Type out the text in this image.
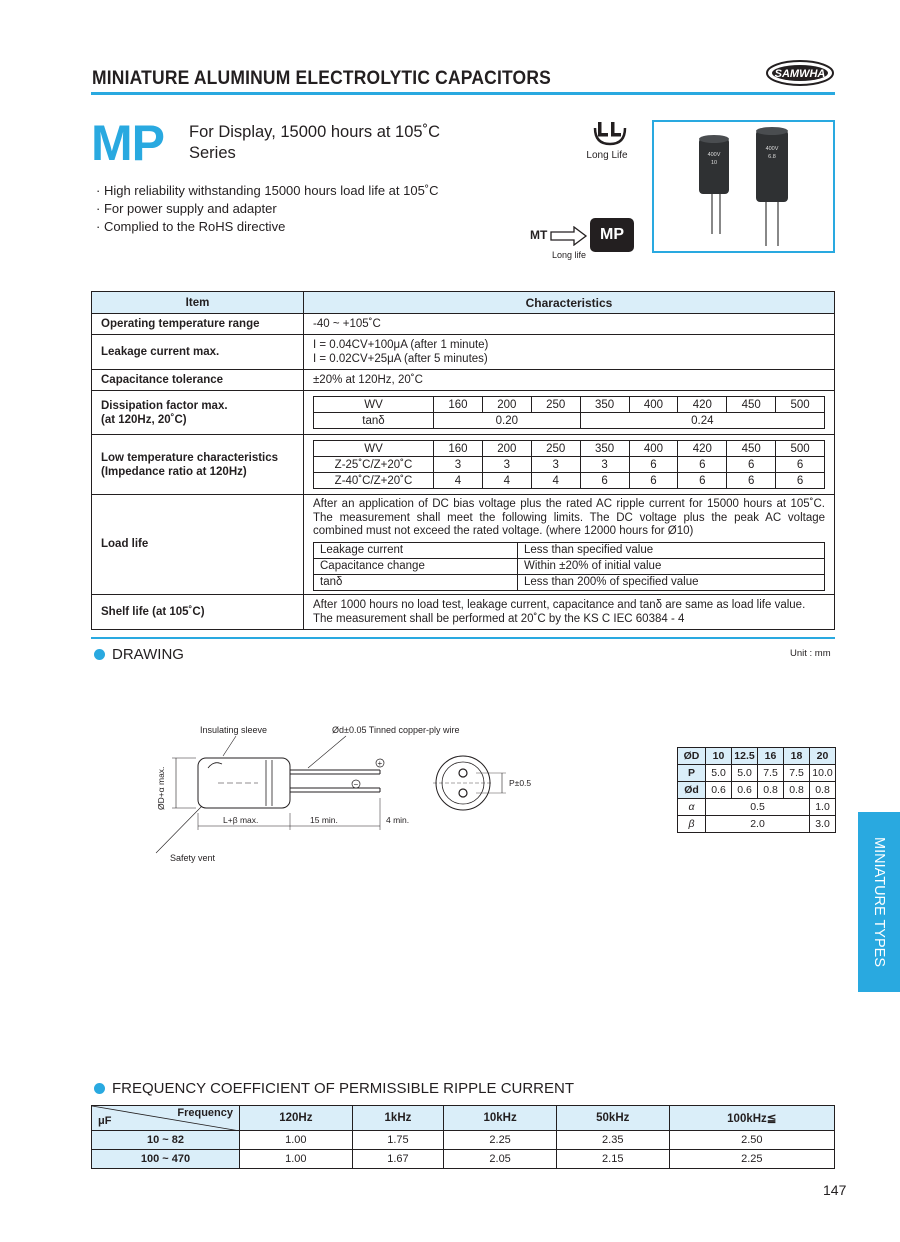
MINIATURE ALUMINUM ELECTROLYTIC CAPACITORS	SAMWHA
MP For Display, 15000 hours at 105˚C
Series
· High reliability withstanding 15000 hours load life at 105˚C
· For power supply and adapter
· Complied to the RoHS directive
LL
Long Life
MT	MP
Long life
400V
10
400V
6.8
Item	Characteristics
Operating temperature range	-40 ~ +105˚C
Leakage current max.	
I = 0.04CV+100μA (after 1 minute)
I = 0.02CV+25μA (after 5 minutes)

Capacitance tolerance	±20% at 120Hz, 20˚C

Dissipation factor max.
(at 120Hz, 20˚C)

WV	160	200	250	350	400	420	450	500
tanδ	0.20	0.24

Low temperature characteristics
(Impedance ratio at 120Hz)

WV	160	200	250	350	400	420	450	500
Z-25˚C/Z+20˚C	3	3	3	3	6	6	6	6
Z-40˚C/Z+20˚C	4	4	4	6	6	6	6	6

Load life	
After an application of DC bias voltage plus the rated AC ripple current for 15000 hours at 105˚C. The measurement shall meet the following limits. The DC voltage plus the peak AC voltage combined must not exceed the rated voltage. (where 12000 hours for Ø10)
Leakage current	Less than specified value
Capacitance change	Within ±20% of initial value
tanδ	Less than 200% of specified value

Shelf life (at 105˚C)	
After 1000 hours no load test, leakage current, capacitance and tanδ are same as load life value.
The measurement shall be performed at 20˚C by the KS C IEC 60384 - 4
DRAWING	Unit : mm
Insulating sleeve	Ød±0.05 Tinned copper-ply wire
+
−
ØD+α max.
L+β max.	15 min.	4 min.
Safety vent
P±0.5
ØD	10	12.5	16	18	20
P	5.0	5.0	7.5	7.5	10.0
Ød	0.6	0.6	0.8	0.8	0.8
α	0.5				1.0
β	2.0				3.0
MINIATURE TYPES
FREQUENCY COEFFICIENT OF PERMISSIBLE RIPPLE CURRENT
Frequency
μF	120Hz	1kHz	10kHz	50kHz	100kHz≦
10 ~ 82	1.00	1.75	2.25	2.35	2.50
100 ~ 470	1.00	1.67	2.05	2.15	2.25
147
